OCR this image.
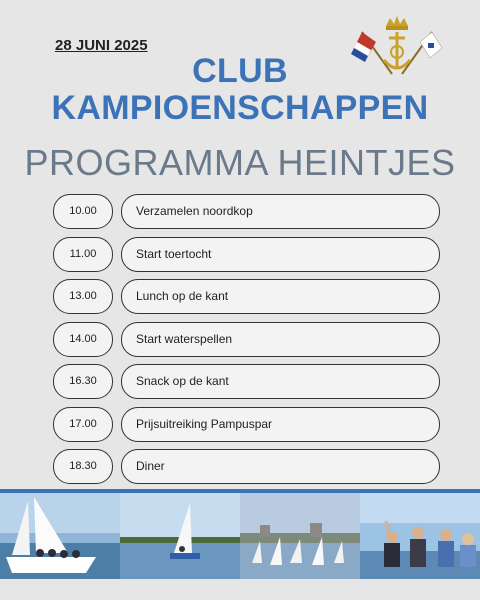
28 JUNI 2025
CLUB
KAMPIOENSCHAPPEN
PROGRAMMA HEINTJES
10.00	Verzamelen noordkop
11.00	Start toertocht
13.00	Lunch op de kant
14.00	Start waterspellen
16.30	Snack op de kant
17.00	Prijsuitreiking Pampuspar
18.30	Diner
